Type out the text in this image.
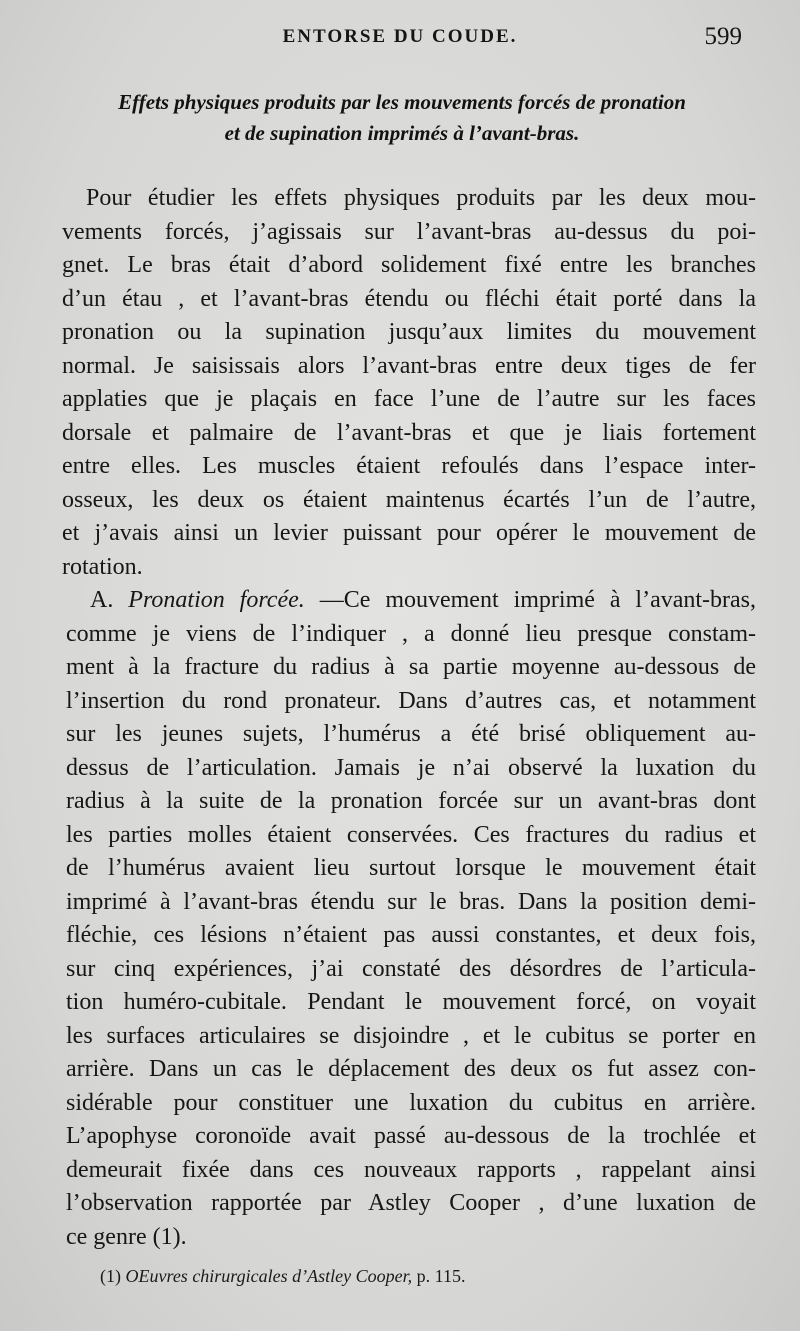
ENTORSE DU COUDE.	599
Effets physiques produits par les mouvements forcés de pronation
et de supination imprimés à l’avant-bras.
Pour étudier les effets physiques produits par les deux mou-
vements forcés, j’agissais sur l’avant-bras au-dessus du poi-
gnet. Le bras était d’abord solidement fixé entre les branches
d’un étau , et l’avant-bras étendu ou fléchi était porté dans la
pronation ou la supination jusqu’aux limites du mouvement
normal. Je saisissais alors l’avant-bras entre deux tiges de fer
applaties que je plaçais en face l’une de l’autre sur les faces
dorsale et palmaire de l’avant-bras et que je liais fortement
entre elles. Les muscles étaient refoulés dans l’espace inter-
osseux, les deux os étaient maintenus écartés l’un de l’autre,
et j’avais ainsi un levier puissant pour opérer le mouvement de
rotation.
A. Pronation forcée. —Ce mouvement imprimé à l’avant-bras,
comme je viens de l’indiquer , a donné lieu presque constam-
ment à la fracture du radius à sa partie moyenne au-dessous de
l’insertion du rond pronateur. Dans d’autres cas, et notamment
sur les jeunes sujets, l’humérus a été brisé obliquement au-
dessus de l’articulation. Jamais je n’ai observé la luxation du
radius à la suite de la pronation forcée sur un avant-bras dont
les parties molles étaient conservées. Ces fractures du radius et
de l’humérus avaient lieu surtout lorsque le mouvement était
imprimé à l’avant-bras étendu sur le bras. Dans la position demi-
fléchie, ces lésions n’étaient pas aussi constantes, et deux fois,
sur cinq expériences, j’ai constaté des désordres de l’articula-
tion huméro-cubitale. Pendant le mouvement forcé, on voyait
les surfaces articulaires se disjoindre , et le cubitus se porter en
arrière. Dans un cas le déplacement des deux os fut assez con-
sidérable pour constituer une luxation du cubitus en arrière.
L’apophyse coronoïde avait passé au-dessous de la trochlée et
demeurait fixée dans ces nouveaux rapports , rappelant ainsi
l’observation rapportée par Astley Cooper , d’une luxation de
ce genre (1).
(1) OEuvres chirurgicales d’Astley Cooper, p. 115.
